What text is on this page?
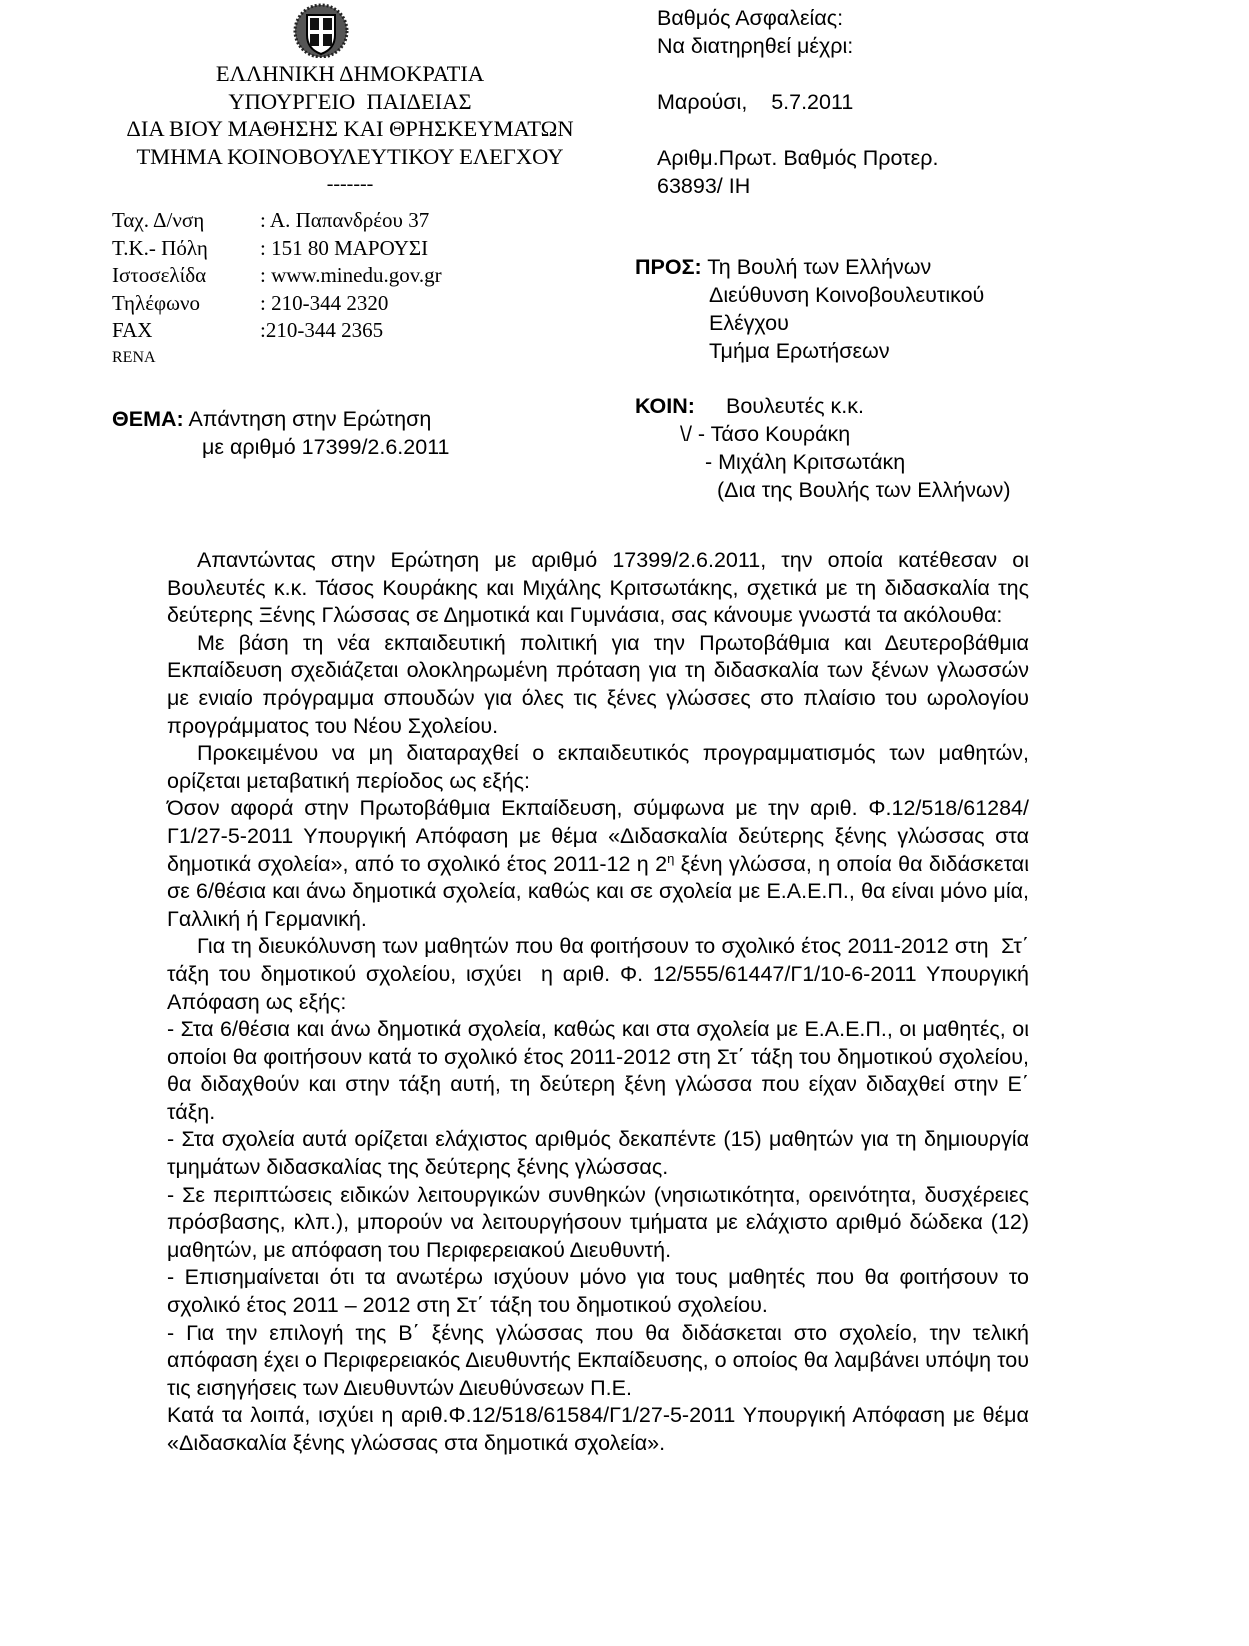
ΕΛΛΗΝΙΚΗ ΔΗΜΟΚΡΑΤΙΑ
ΥΠΟΥΡΓΕΙΟ  ΠΑΙΔΕΙΑΣ
ΔΙΑ ΒΙΟΥ ΜΑΘΗΣΗΣ ΚΑΙ ΘΡΗΣΚΕΥΜΑΤΩΝ
ΤΜΗΜΑ ΚΟΙΝΟΒΟΥΛΕΥΤΙΚΟΥ ΕΛΕΓΧΟΥ
-------
Ταχ. Δ/νση	: Α. Παπανδρέου 37
Τ.Κ.- Πόλη	: 151 80 ΜΑΡΟΥΣΙ
Ιστοσελίδα	: www.minedu.gov.gr
Τηλέφωνο	: 210-344 2320
FAX	:210-344 2365
RENA
Βαθμός Ασφαλείας:
Να διατηρηθεί μέχρι:
Μαρούσι,    5.7.2011
Αριθμ.Πρωτ. Βαθμός Προτερ.
63893/ ΙΗ
ΠΡΟΣ: Τη Βουλή των Ελλήνων
Διεύθυνση Κοινοβουλευτικού
Ελέγχου
Τμήμα Ερωτήσεων
ΚΟΙΝ: Βουλευτές κ.κ.
\/ - Τάσο Κουράκη
- Μιχάλη Κριτσωτάκη
(Δια της Βουλής των Ελλήνων)
ΘΕΜΑ: Απάντηση στην Ερώτηση
με αριθμό 17399/2.6.2011

Απαντώντας στην Ερώτηση με αριθμό 17399/2.6.2011, την οποία κατέθεσαν οι Βουλευτές κ.κ. Τάσος Κουράκης και Μιχάλης Κριτσωτάκης, σχετικά με τη διδασκαλία της δεύτερης Ξένης Γλώσσας σε Δημοτικά και Γυμνάσια, σας κάνουμε γνωστά τα ακόλουθα:

Με βάση τη νέα εκπαιδευτική πολιτική για την Πρωτοβάθμια και Δευτεροβάθμια Εκπαίδευση σχεδιάζεται ολοκληρωμένη πρόταση για τη διδασκαλία των ξένων γλωσσών με ενιαίο πρόγραμμα σπουδών για όλες τις ξένες γλώσσες στο πλαίσιο του ωρολογίου προγράμματος του Νέου Σχολείου.

Προκειμένου να μη διαταραχθεί ο εκπαιδευτικός προγραμματισμός των μαθητών, ορίζεται μεταβατική περίοδος ως εξής:

Όσον αφορά στην Πρωτοβάθμια Εκπαίδευση, σύμφωνα με την αριθ. Φ.12/518/61284/Γ1/27-5-2011 Υπουργική Απόφαση με θέμα «Διδασκαλία δεύτερης ξένης γλώσσας στα δημοτικά σχολεία», από το σχολικό έτος 2011-12 η $2^\eta$ ξένη γλώσσα, η οποία θα διδάσκεται σε 6/θέσια και άνω δημοτικά σχολεία, καθώς και σε σχολεία με Ε.Α.Ε.Π., θα είναι μόνο μία, Γαλλική ή Γερμανική.

Για τη διευκόλυνση των μαθητών που θα φοιτήσουν το σχολικό έτος 2011-2012 στη  Στ΄ τάξη του δημοτικού σχολείου, ισχύει  η αριθ. Φ. 12/555/61447/Γ1/10-6-2011 Υπουργική Απόφαση ως εξής:

- Στα 6/θέσια και άνω δημοτικά σχολεία, καθώς και στα σχολεία με Ε.Α.Ε.Π., οι μαθητές, οι οποίοι θα φοιτήσουν κατά το σχολικό έτος 2011-2012 στη Στ΄ τάξη του δημοτικού σχολείου, θα διδαχθούν και στην τάξη αυτή, τη δεύτερη ξένη γλώσσα που είχαν διδαχθεί στην Ε΄ τάξη.

- Στα σχολεία αυτά ορίζεται ελάχιστος αριθμός δεκαπέντε (15) μαθητών για τη δημιουργία τμημάτων διδασκαλίας της δεύτερης ξένης γλώσσας.

- Σε περιπτώσεις ειδικών λειτουργικών συνθηκών (νησιωτικότητα, ορεινότητα, δυσχέρειες πρόσβασης, κλπ.), μπορούν να λειτουργήσουν τμήματα με ελάχιστο αριθμό δώδεκα (12) μαθητών, με απόφαση του Περιφερειακού Διευθυντή.

- Επισημαίνεται ότι τα ανωτέρω ισχύουν μόνο για τους μαθητές που θα φοιτήσουν το σχολικό έτος 2011 – 2012 στη Στ΄ τάξη του δημοτικού σχολείου.

- Για την επιλογή της Β΄ ξένης γλώσσας που θα διδάσκεται στο σχολείο, την τελική απόφαση έχει ο Περιφερειακός Διευθυντής Εκπαίδευσης, ο οποίος θα λαμβάνει υπόψη του τις εισηγήσεις των Διευθυντών Διευθύνσεων Π.Ε.

Κατά τα λοιπά, ισχύει η αριθ.Φ.12/518/61584/Γ1/27-5-2011 Υπουργική Απόφαση με θέμα «Διδασκαλία ξένης γλώσσας στα δημοτικά σχολεία».
